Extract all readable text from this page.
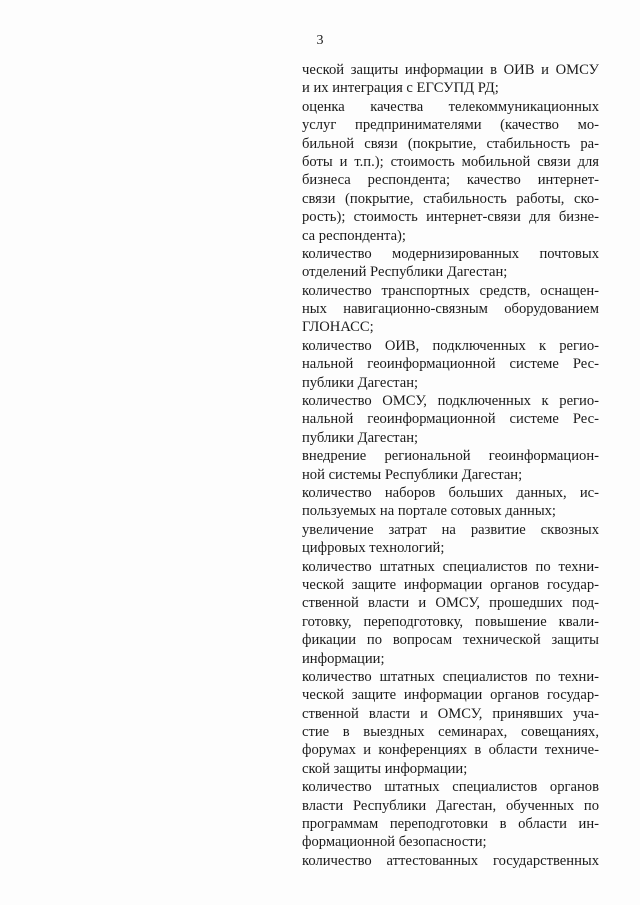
3
ческой защиты информации в ОИВ и ОМСУ
и их интеграция с ЕГСУПД РД;
оценка качества телекоммуникационных
услуг предпринимателями (качество мо-
бильной связи (покрытие, стабильность ра-
боты и т.п.); стоимость мобильной связи для
бизнеса респондента; качество интернет-
связи (покрытие, стабильность работы, ско-
рость); стоимость интернет-связи для бизне-
са респондента);
количество модернизированных почтовых
отделений Республики Дагестан;
количество транспортных средств, оснащен-
ных навигационно-связным оборудованием
ГЛОНАСС;
количество ОИВ, подключенных к регио-
нальной геоинформационной системе Рес-
публики Дагестан;
количество ОМСУ, подключенных к регио-
нальной геоинформационной системе Рес-
публики Дагестан;
внедрение региональной геоинформацион-
ной системы Республики Дагестан;
количество наборов больших данных, ис-
пользуемых на портале сотовых данных;
увеличение затрат на развитие сквозных
цифровых технологий;
количество штатных специалистов по техни-
ческой защите информации органов государ-
ственной власти и ОМСУ, прошедших под-
готовку, переподготовку, повышение квали-
фикации по вопросам технической защиты
информации;
количество штатных специалистов по техни-
ческой защите информации органов государ-
ственной власти и ОМСУ, принявших уча-
стие в выездных семинарах, совещаниях,
форумах и конференциях в области техниче-
ской защиты информации;
количество штатных специалистов органов
власти Республики Дагестан, обученных по
программам переподготовки в области ин-
формационной безопасности;
количество аттестованных государственных
